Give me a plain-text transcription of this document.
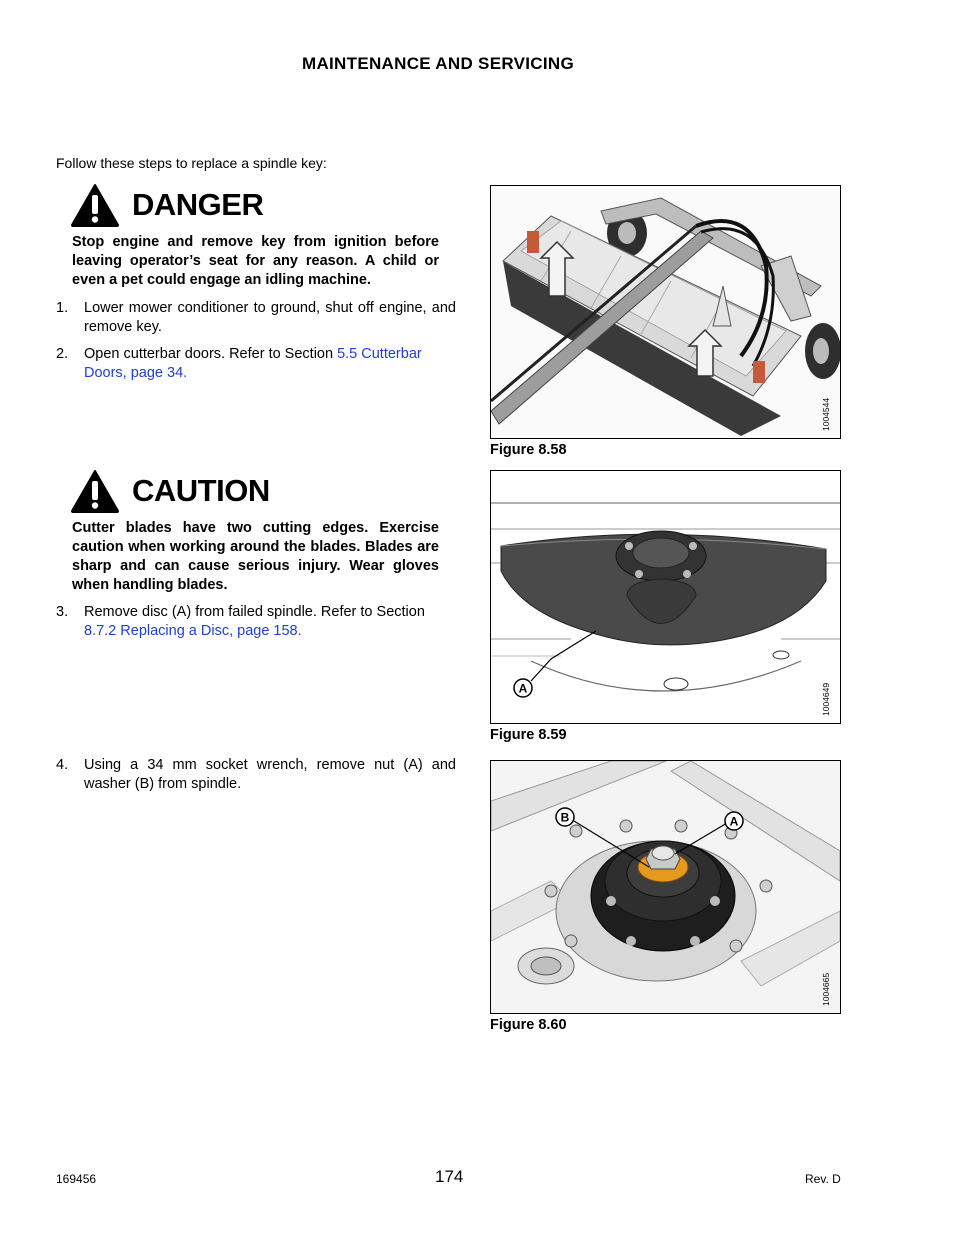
MAINTENANCE AND SERVICING
Follow these steps to replace a spindle key:
DANGER
Stop engine and remove key from ignition before leaving operator’s seat for any reason. A child or even a pet could engage an idling machine.
1. Lower mower conditioner to ground, shut off engine, and remove key.
2. Open cutterbar doors. Refer to Section 5.5 Cutterbar Doors, page 34.
CAUTION
Cutter blades have two cutting edges. Exercise caution when working around the blades. Blades are sharp and can cause serious injury. Wear gloves when handling blades.
3. Remove disc (A) from failed spindle. Refer to Section 8.7.2 Replacing a Disc, page 158.
4. Using a 34 mm socket wrench, remove nut (A) and washer (B) from spindle.
1004544
Figure 8.58
A	1004649
Figure 8.59
B	A
1004665
Figure 8.60
169456	174	Rev. D
